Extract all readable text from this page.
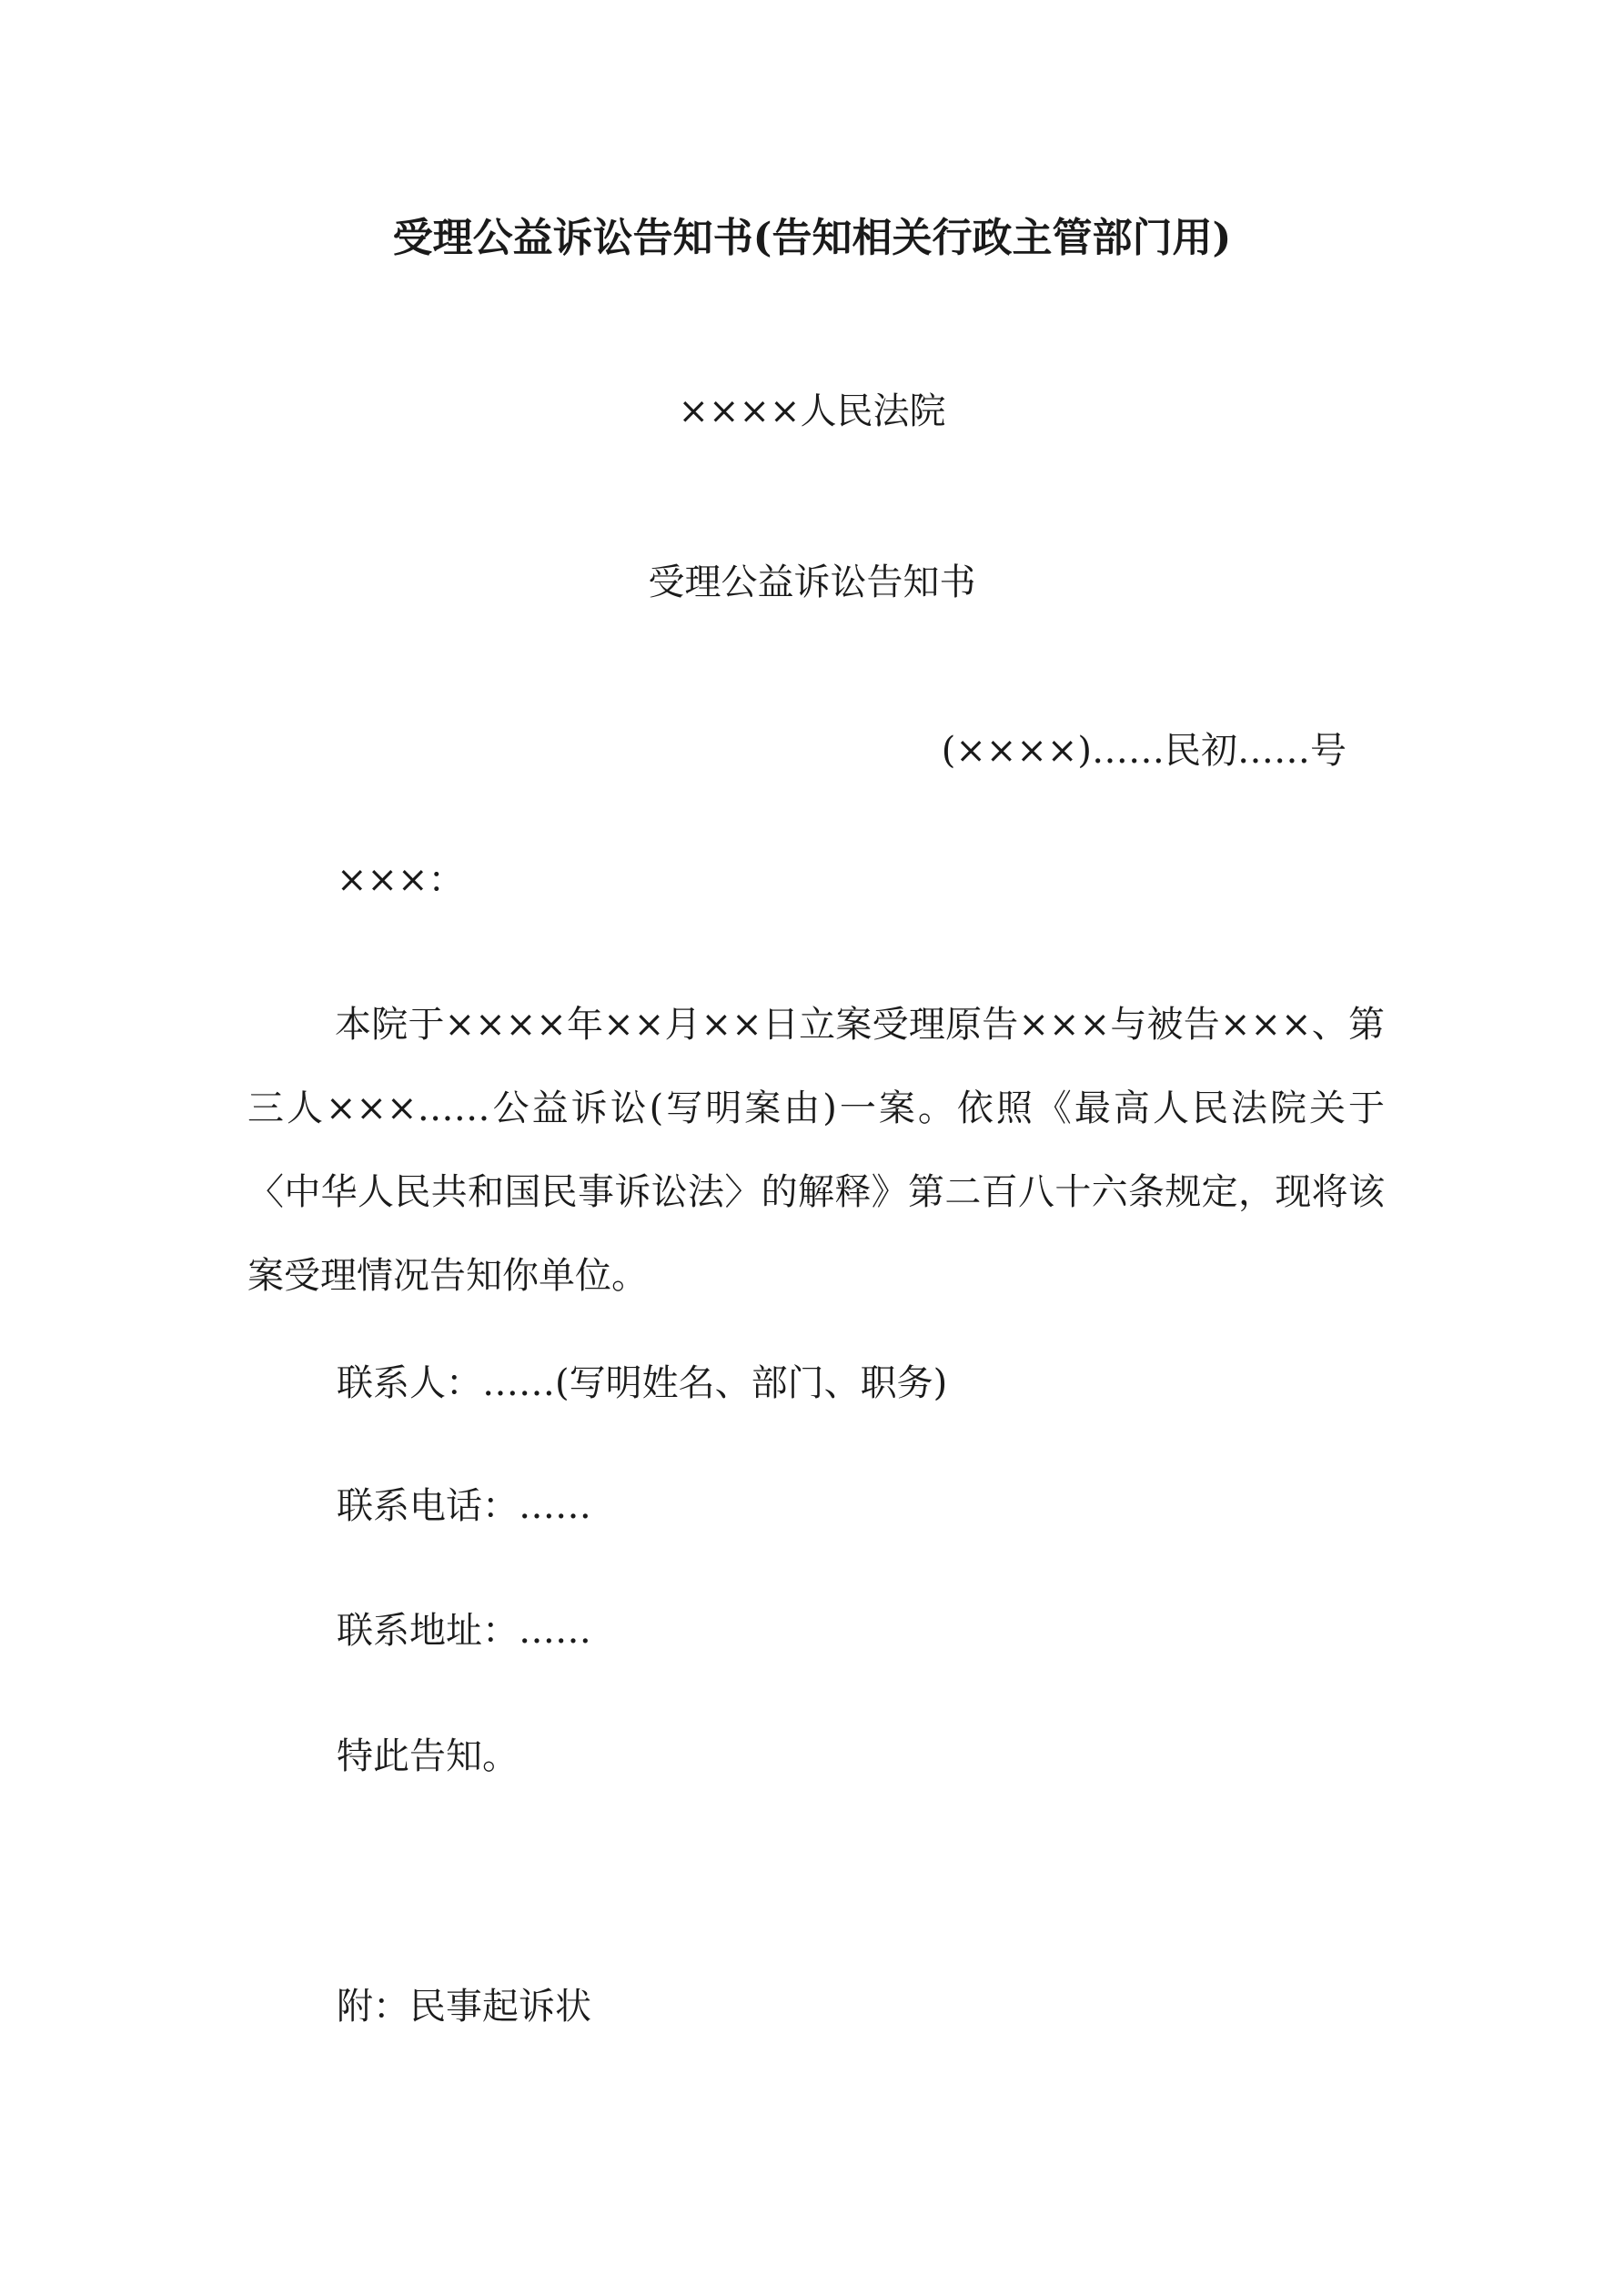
受理公益诉讼告知书(告知相关行政主管部门用)
××××人民法院
受理公益诉讼告知书
(××××)……民初……号
×××：

本院于××××年××月××日立案受理原告×××与被告×××、第三人×××……公益诉讼(写明案由)一案。依照《最高人民法院关于〈中华人民共和国民事诉讼法〉的解释》第二百八十六条规定，现将该案受理情况告知你单位。

联系人：……(写明姓名、部门、职务)
联系电话：……
联系地址：……
特此告知。
附：民事起诉状
